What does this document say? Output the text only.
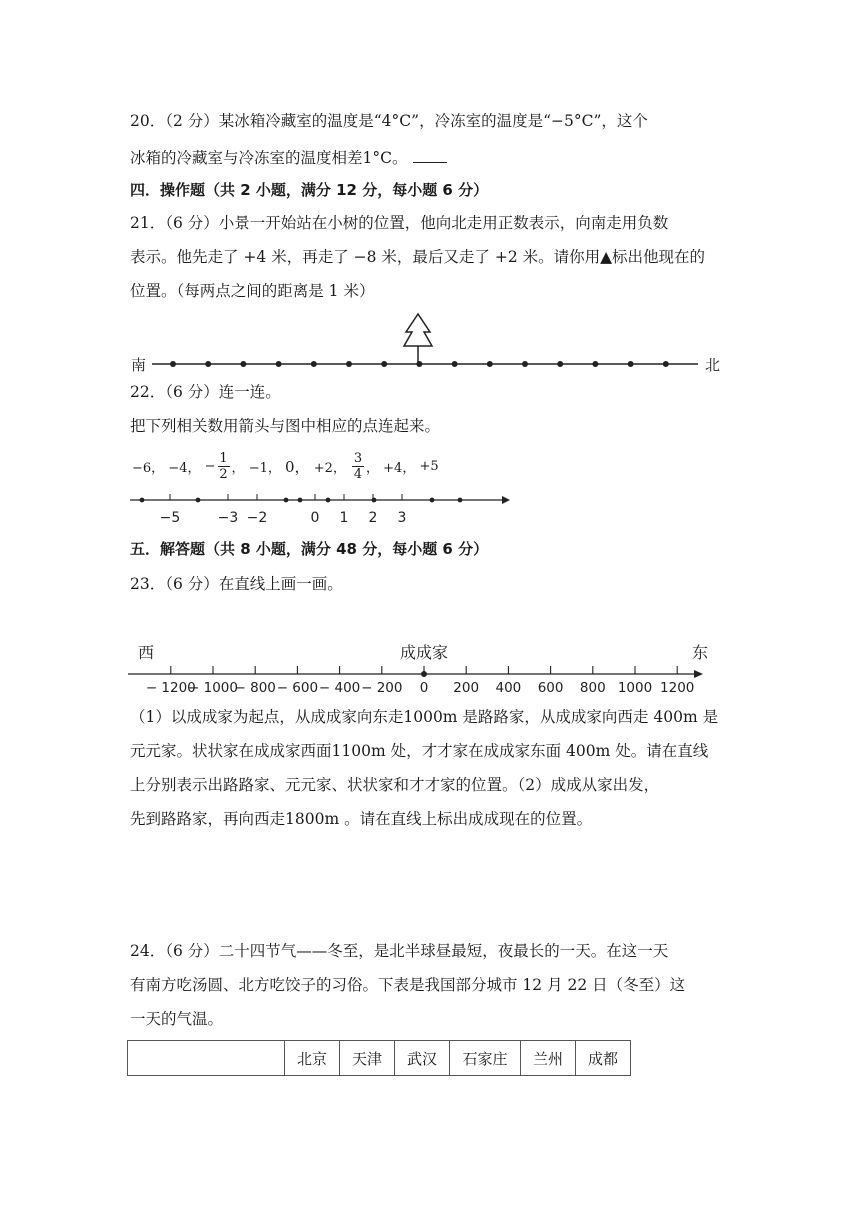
20．（2 分）某冰箱冷藏室的温度是“4°C”，冷冻室的温度是“−5°C”，这个
冰箱的冷藏室与冷冻室的温度相差1°C。
四．操作题（共 2 小题，满分 12 分，每小题 6 分）
21．（6 分）小景一开始站在小树的位置，他向北走用正数表示，向南走用负数
表示。他先走了 +4 米，再走了 −8 米，最后又走了 +2 米。请你用▲标出他现在的
位置。（每两点之间的距离是 1 米）
南	北
22．（6 分）连一连。
把下列相关数用箭头与图中相应的点连起来。
−6，
−4，
− $\frac{1}{2}$ ，
−1，
0，
+2，
$\frac{3}{4}$ ，
+4，
+5
−5	−3 −2	0 1 2 3
五．解答题（共 8 小题，满分 48 分，每小题 6 分）
23．（6 分）在直线上画一画。
西	成成家	东
− 1200
− 1000
− 800 − 600 − 400 − 200 0 200 400 600 800 1000 1200
（1）以成成家为起点，从成成家向东走1000m 是路路家，从成成家向西走 400m 是
元元家。状状家在成成家西面1100m 处，才才家在成成家东面 400m 处。请在直线
上分别表示出路路家、元元家、状状家和才才家的位置。（2）成成从家出发，
先到路路家，再向西走1800m 。请在直线上标出成成现在的位置。
24．（6 分）二十四节气——冬至，是北半球昼最短，夜最长的一天。在这一天
有南方吃汤圆、北方吃饺子的习俗。下表是我国部分城市 12 月 22 日（冬至）这
一天的气温。
	北京	天津	武汉	石家庄	兰州	成都
